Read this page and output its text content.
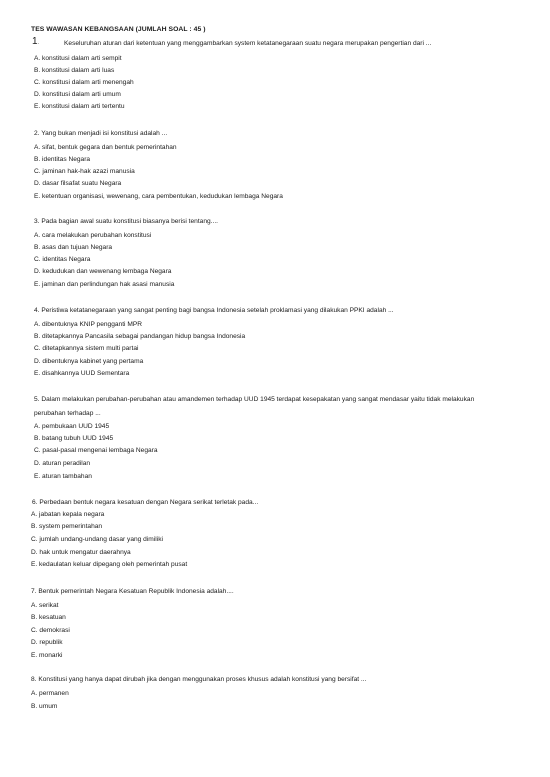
TES WAWASAN KEBANGSAAN (JUMLAH SOAL : 45 )
1.	Keseluruhan aturan dari ketentuan yang menggambarkan system ketatanegaraan suatu negara merupakan pengertian dari ...
A. konstitusi dalam arti sempit
B. konstitusi dalam arti luas
C. konstitusi dalam arti menengah
D. konstitusi dalam arti umum
E. konstitusi dalam arti tertentu
2. Yang bukan menjadi isi konstitusi adalah ...
A. sifat, bentuk gegara dan bentuk pemerintahan
B. identitas Negara
C. jaminan hak-hak azazi manusia
D. dasar filsafat suatu Negara
E. ketentuan organisasi, wewenang, cara pembentukan, kedudukan lembaga Negara
3. Pada bagian awal suatu konstitusi biasanya berisi tentang....
A. cara melakukan perubahan konstitusi
B. asas dan tujuan Negara
C. identitas Negara
D. kedudukan dan wewenang lembaga Negara
E. jaminan dan perlindungan hak asasi manusia
4. Peristiwa ketatanegaraan yang sangat penting bagi bangsa Indonesia setelah proklamasi yang dilakukan PPKI adalah ...
A. dibentuknya KNIP pengganti MPR
B. ditetapkannya Pancasila sebagai pandangan hidup bangsa Indonesia
C. ditetapkannya sistem multi partai
D. dibentuknya kabinet yang pertama
E. disahkannya UUD Sementara
5. Dalam melakukan perubahan-perubahan atau amandemen terhadap UUD 1945 terdapat kesepakatan yang sangat mendasar yaitu tidak melakukan
perubahan terhadap ...
A. pembukaan UUD 1945
B. batang tubuh UUD 1945
C. pasal-pasal mengenai lembaga Negara
D. aturan peradilan
E. aturan tambahan
6. Perbedaan bentuk negara kesatuan dengan Negara serikat terletak pada...
A. jabatan kepala negara
B. system pemerintahan
C. jumlah undang-undang dasar yang dimiliki
D. hak untuk mengatur daerahnya
E. kedaulatan keluar dipegang oleh pemerintah pusat
7. Bentuk pemerintah Negara Kesatuan Republik Indonesia adalah....
A. serikat
B. kesatuan
C. demokrasi
D. republik
E. monarki
8. Konstitusi yang hanya dapat dirubah jika dengan menggunakan proses khusus adalah konstitusi yang bersifat ...
A. permanen
B. umum
